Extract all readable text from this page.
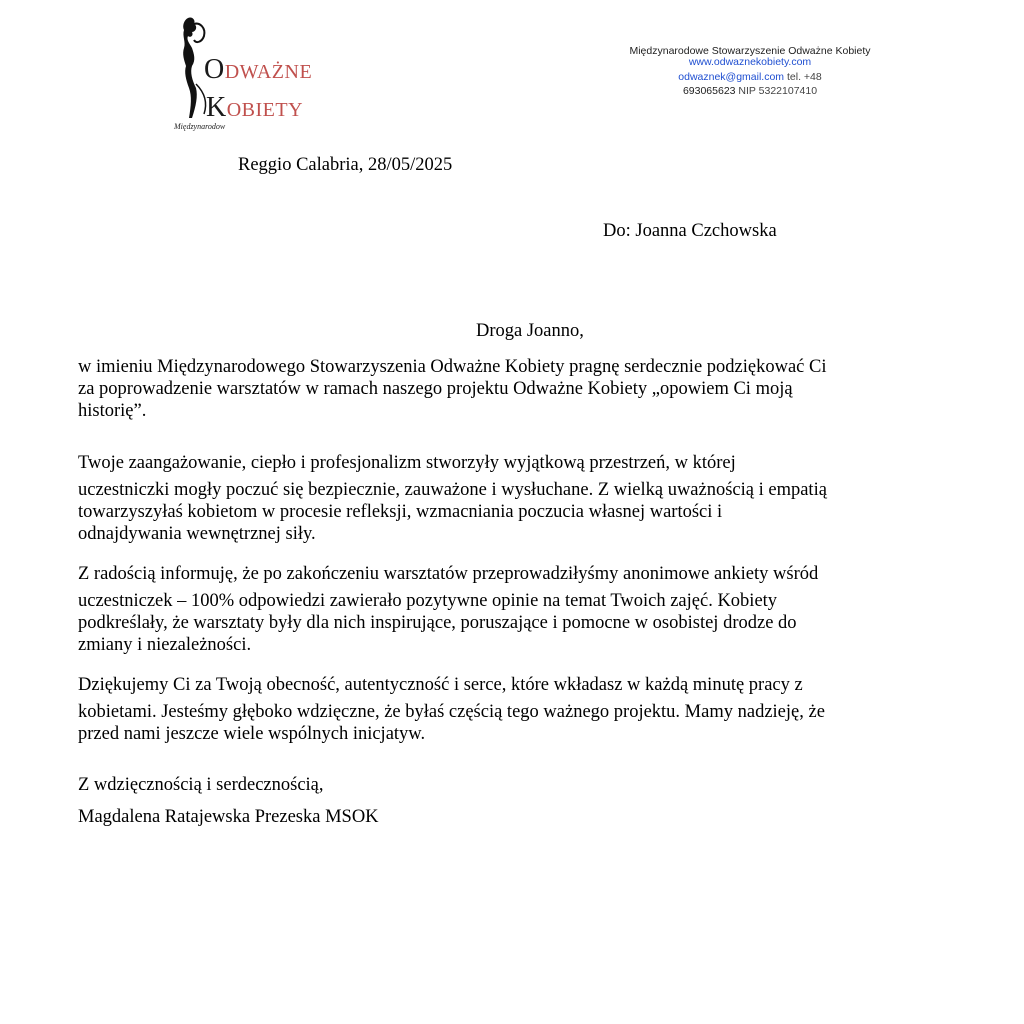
ODWAŻNE
KOBIETY
Międzynarodow
Międzynarodowe Stowarzyszenie Odważne Kobiety
www.odwaznekobiety.com
odwaznek@gmail.com tel. +48
693065623 NIP 5322107410
Reggio Calabria, 28/05/2025
Do: Joanna Czchowska
Droga Joanno,
w imieniu Międzynarodowego Stowarzyszenia Odważne Kobiety pragnę serdecznie podziękować Ci
za poprowadzenie warsztatów w ramach naszego projektu Odważne Kobiety „opowiem Ci moją
historię”.
Twoje zaangażowanie, ciepło i profesjonalizm stworzyły wyjątkową przestrzeń, w której
uczestniczki mogły poczuć się bezpiecznie, zauważone i wysłuchane. Z wielką uważnością i empatią
towarzyszyłaś kobietom w procesie refleksji, wzmacniania poczucia własnej wartości i
odnajdywania wewnętrznej siły.
Z radością informuję, że po zakończeniu warsztatów przeprowadziłyśmy anonimowe ankiety wśród
uczestniczek – 100% odpowiedzi zawierało pozytywne opinie na temat Twoich zajęć. Kobiety
podkreślały, że warsztaty były dla nich inspirujące, poruszające i pomocne w osobistej drodze do
zmiany i niezależności.
Dziękujemy Ci za Twoją obecność, autentyczność i serce, które wkładasz w każdą minutę pracy z
kobietami. Jesteśmy głęboko wdzięczne, że byłaś częścią tego ważnego projektu. Mamy nadzieję, że
przed nami jeszcze wiele wspólnych inicjatyw.
Z wdzięcznością i serdecznością,
Magdalena Ratajewska Prezeska MSOK
